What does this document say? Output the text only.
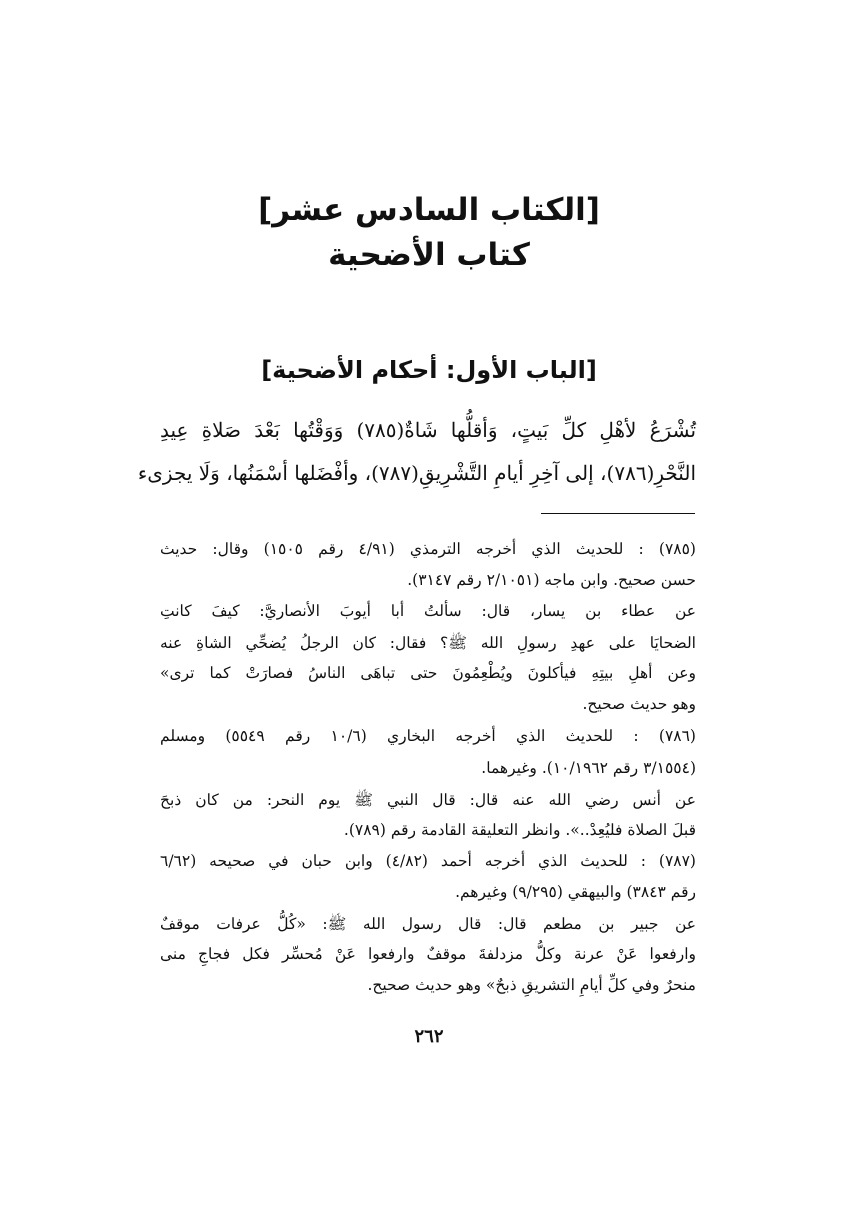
[الكتاب السادس عشر]
كتاب الأضحية
[الباب الأول: أحكام الأضحية]
تُشْرَعُ لأهْلِ كلِّ بَيتٍ، وَأقلُّها شَاةٌ(٧٨٥) وَوَقْتُها بَعْدَ صَلاةِ عِيدِ
النَّحْرِ(٧٨٦)، إلى آخِرِ أيامِ التَّشْرِيقِ(٧٨٧)، وأفْضَلها أسْمَنُها، وَلَا يجزىء
(٧٨٥) : للحديث الذي أخرجه الترمذي (٤/٩١ رقم ١٥٠٥) وقال: حديث
حسن صحيح. وابن ماجه (٢/١٠٥١ رقم ٣١٤٧).
عن عطاء بن يسار، قال: سألتُ أبا أيوبَ الأنصاريَّ: كيفَ كانتِ
الضحايَا على عهدِ رسولِ الله ﷺ؟ فقال: كان الرجلُ يُضحِّي الشاةِ عنه
وعن أهلِ بيتِهِ فيأكلونَ ويُطْعِمُونَ حتى تباهَى الناسُ فصارَتْ كما ترى»
وهو حديث صحيح.
(٧٨٦) : للحديث الذي أخرجه البخاري (١٠/٦ رقم ٥٥٤٩) ومسلم
(٣/١٥٥٤ رقم ١٠/١٩٦٢). وغيرهما.
عن أنس رضي الله عنه قال: قال النبي ﷺ يوم النحر: من كان ذبحَ
قبلَ الصلاة فليُعِدْ..». وانظر التعليقة القادمة رقم (٧٨٩).
(٧٨٧) : للحديث الذي أخرجه أحمد (٤/٨٢) وابن حبان في صحيحه (٦/٦٢
رقم ٣٨٤٣) والبيهقي (٩/٢٩٥) وغيرهم.
عن جبير بن مطعم قال: قال رسول الله ﷺ: «كُلُّ عرفات موقفٌ
وارفعوا عَنْ عرنة وكلُّ مزدلفةَ موقفٌ وارفعوا عَنْ مُحسِّر فكل فجاجِ منى
منحرٌ وفي كلِّ أيامِ التشريقِ ذبحٌ» وهو حديث صحيح.
٢٦٢
